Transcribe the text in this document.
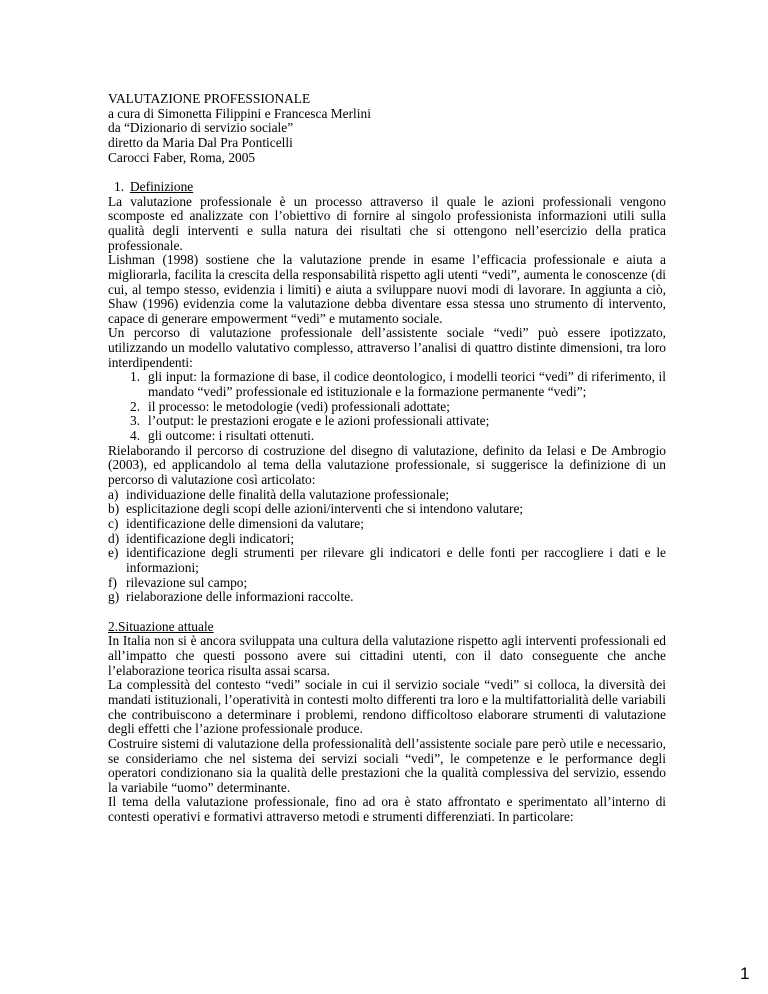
VALUTAZIONE PROFESSIONALE

a cura di Simonetta Filippini e Francesca Merlini

da “Dizionario di servizio sociale”

diretto da Maria Dal Pra Ponticelli

Carocci Faber, Roma, 2005

1. Definizione

La valutazione professionale è un processo attraverso il quale le azioni professionali vengono scomposte ed analizzate con l’obiettivo di fornire al singolo professionista informazioni utili sulla qualità degli interventi e sulla natura dei risultati che si ottengono nell’esercizio della pratica professionale.

Lishman (1998) sostiene che la valutazione prende in esame l’efficacia professionale e aiuta a migliorarla, facilita la crescita della responsabilità rispetto agli utenti “vedi”, aumenta le conoscenze (di cui, al tempo stesso, evidenzia i limiti) e aiuta a sviluppare nuovi modi di lavorare. In aggiunta a ciò, Shaw (1996) evidenzia come la valutazione debba diventare essa stessa uno strumento di intervento, capace di generare empowerment “vedi” e mutamento sociale.

Un percorso di valutazione professionale dell’assistente sociale “vedi” può essere ipotizzato, utilizzando un modello valutativo complesso, attraverso l’analisi di quattro distinte dimensioni, tra loro interdipendenti:

1. gli input: la formazione di base, il codice deontologico, i modelli teorici “vedi” di riferimento, il mandato “vedi” professionale ed istituzionale e la formazione permanente “vedi”;
2. il processo: le metodologie (vedi) professionali adottate;
3. l’output: le prestazioni erogate e le azioni professionali attivate;
4. gli outcome: i risultati ottenuti.

Rielaborando il percorso di costruzione del disegno di valutazione, definito da Ielasi e De Ambrogio (2003), ed applicandolo al tema della valutazione professionale, si suggerisce la definizione di un percorso di valutazione così articolato:

a) individuazione delle finalità della valutazione professionale;
b) esplicitazione degli scopi delle azioni/interventi che si intendono valutare;
c) identificazione delle dimensioni da valutare;
d) identificazione degli indicatori;
e) identificazione degli strumenti per rilevare gli indicatori e delle fonti per raccogliere i dati e le informazioni;
f) rilevazione sul campo;
g) rielaborazione delle informazioni raccolte.

2.Situazione attuale

In Italia non si è ancora sviluppata una cultura della valutazione rispetto agli interventi professionali ed all’impatto che questi possono avere sui cittadini utenti, con il dato conseguente che anche l’elaborazione teorica risulta assai scarsa.

La complessità del contesto “vedi” sociale in cui il servizio sociale “vedi” si colloca, la diversità dei mandati istituzionali, l’operatività in contesti molto differenti tra loro e la multifattorialità delle variabili che contribuiscono a determinare i problemi, rendono difficoltoso elaborare strumenti di valutazione degli effetti che l’azione professionale produce.

Costruire sistemi di valutazione della professionalità dell’assistente sociale pare però utile e necessario, se consideriamo che nel sistema dei servizi sociali “vedi”, le competenze e le performance degli operatori condizionano sia la qualità delle prestazioni che la qualità complessiva del servizio, essendo la variabile “uomo” determinante.

Il tema della valutazione professionale, fino ad ora è stato affrontato e sperimentato all’interno di contesti operativi e formativi attraverso metodi e strumenti differenziati. In particolare:

1
